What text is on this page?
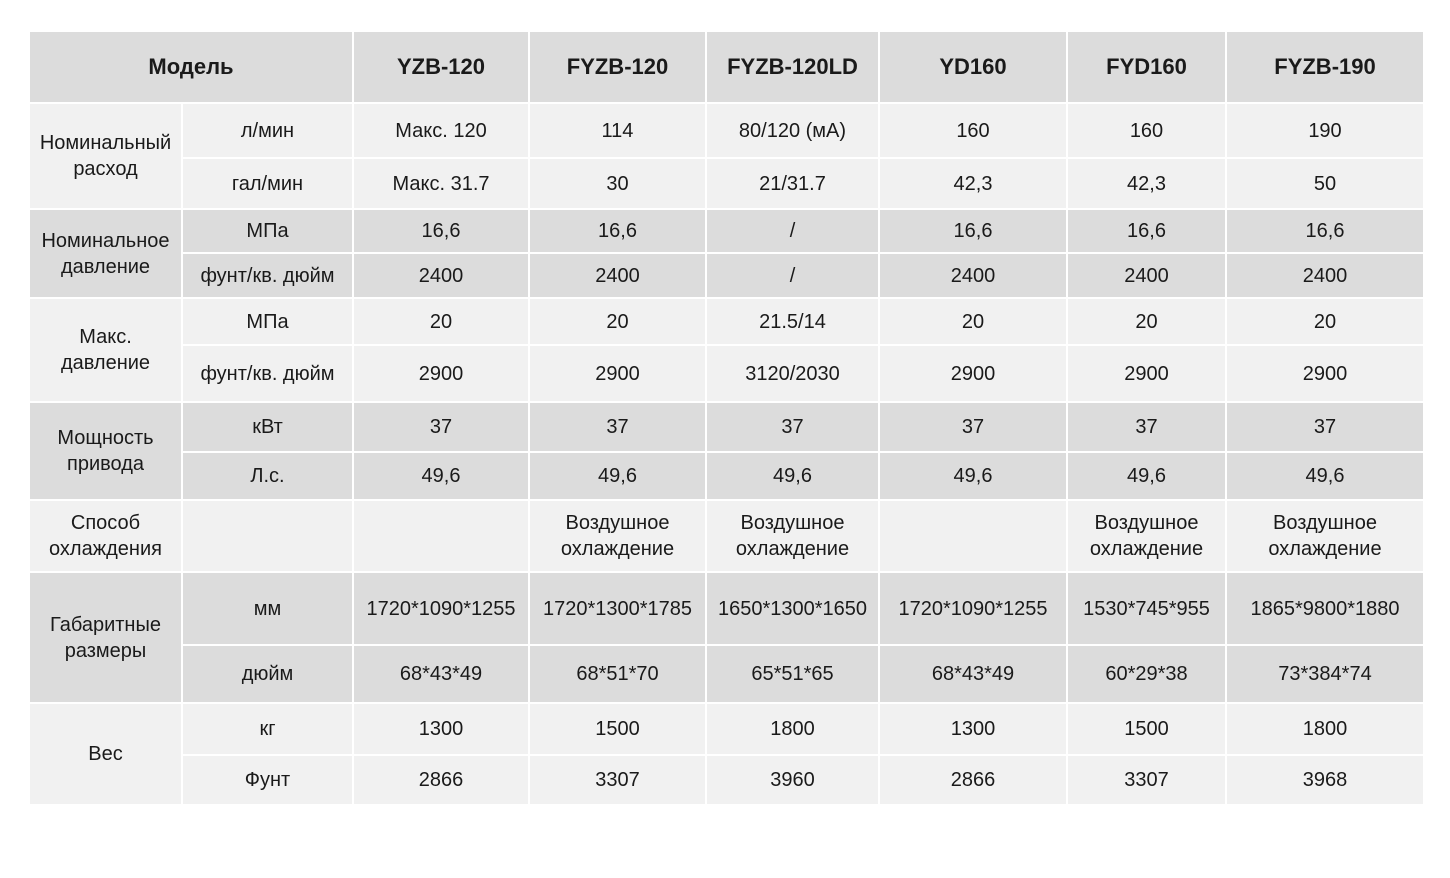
Модель		YZB-120	FYZB-120	FYZB-120LD	YD160	FYD160	FYZB-190
Номинальный расход	л/мин	Макс. 120	114	80/120 (мА)	160	160	190
	гал/мин	Макс. 31.7	30	21/31.7	42,3	42,3	50
Номинальное давление	МПа	16,6	16,6	/	16,6	16,6	16,6
	фунт/кв. дюйм	2400	2400	/	2400	2400	2400
Макс. давление	МПа	20	20	21.5/14	20	20	20
	фунт/кв. дюйм	2900	2900	3120/2030	2900	2900	2900
Мощность привода	кВт	37	37	37	37	37	37
	Л.с.	49,6	49,6	49,6	49,6	49,6	49,6
Способ охлаждения			Воздушное охлаждение	Воздушное охлаждение		Воздушное охлаждение	Воздушное охлаждение
Габаритные размеры	мм	1720*1090*1255	1720*1300*1785	1650*1300*1650	1720*1090*1255	1530*745*955	1865*9800*1880
	дюйм	68*43*49	68*51*70	65*51*65	68*43*49	60*29*38	73*384*74
Вес	кг	1300	1500	1800	1300	1500	1800
	Фунт	2866	3307	3960	2866	3307	3968
